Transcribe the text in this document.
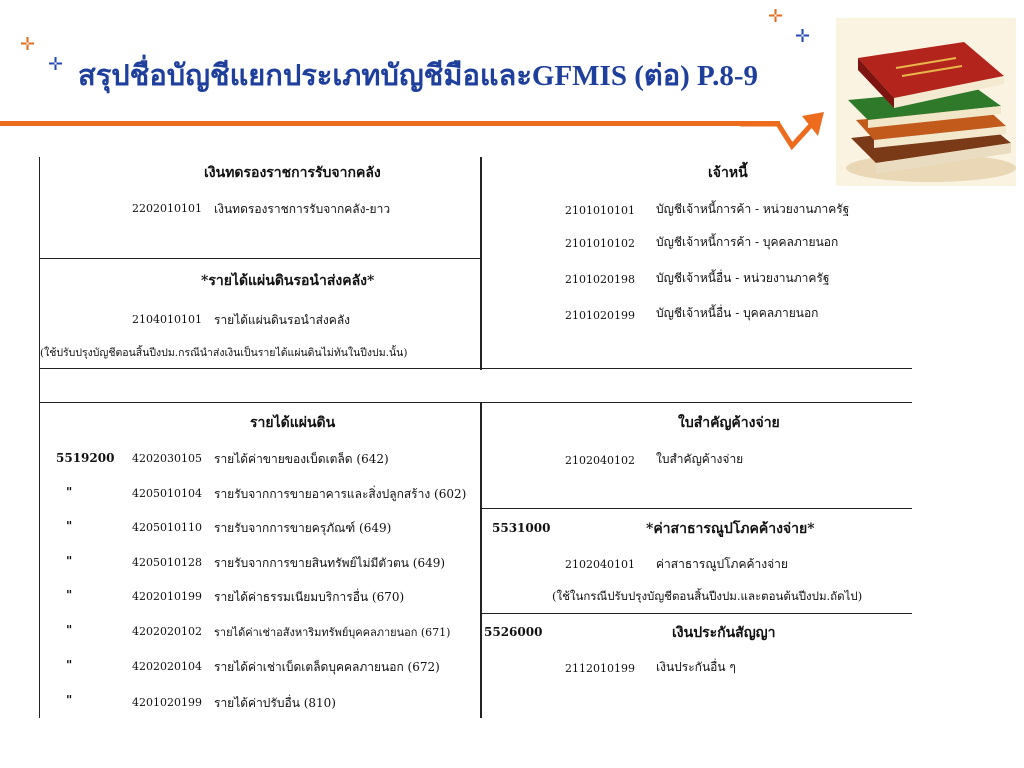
✛
✛
✛
✛
สรุปชื่อบัญชีแยกประเภทบัญชีมือและGFMIS (ต่อ) P.8-9
เงินทดรองราชการรับจากคลัง
2202010101 เงินทดรองราชการรับจากคลัง-ยาว
*รายได้แผ่นดินรอนำส่งคลัง*
2104010101 รายได้แผ่นดินรอนำส่งคลัง
(ใช้ปรับปรุงบัญชีตอนสิ้นปีงปม.กรณีนำส่งเงินเป็นรายได้แผ่นดินไม่ทันในปีงปม.นั้น)
รายได้แผ่นดิน
5519200 4202030105 รายได้ค่าขายของเบ็ดเตล็ด (642)
"	4205010104 รายรับจากการขายอาคารและสิ่งปลูกสร้าง (602)
"	4205010110 รายรับจากการขายครุภัณฑ์ (649)
"	4205010128 รายรับจากการขายสินทรัพย์ไม่มีตัวตน (649)
"	4202010199 รายได้ค่าธรรมเนียมบริการอื่น (670)
"	4202020102 รายได้ค่าเช่าอสังหาริมทรัพย์บุคคลภายนอก (671)
"	4202020104 รายได้ค่าเช่าเบ็ดเตล็ดบุคคลภายนอก (672)
"	4201020199 รายได้ค่าปรับอื่น (810)
เจ้าหนี้
2101010101 บัญชีเจ้าหนี้การค้า - หน่วยงานภาครัฐ
2101010102 บัญชีเจ้าหนี้การค้า - บุคคลภายนอก
2101020198 บัญชีเจ้าหนี้อื่น - หน่วยงานภาครัฐ
2101020199 บัญชีเจ้าหนี้อื่น - บุคคลภายนอก
ใบสำคัญค้างจ่าย
2102040102 ใบสำคัญค้างจ่าย
5531000	*ค่าสาธารณูปโภคค้างจ่าย*
2102040101 ค่าสาธารณูปโภคค้างจ่าย
(ใช้ในกรณีปรับปรุงบัญชีตอนสิ้นปีงปม.และตอนต้นปีงปม.ถัดไป)
5526000	เงินประกันสัญญา
2112010199 เงินประกันอื่น ๆ
